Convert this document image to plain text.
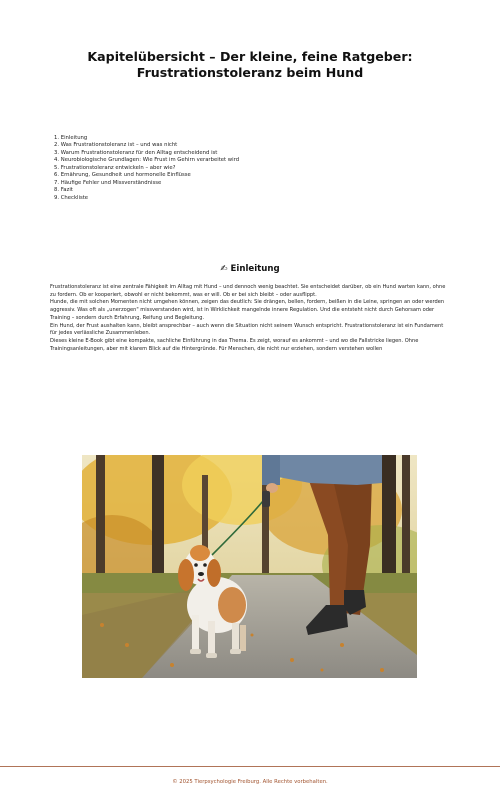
Kapitelübersicht – Der kleine, feine Ratgeber: Frustrationstoleranz beim Hund
1. Einleitung
2. Was Frustrationstoleranz ist – und was nicht
3. Warum Frustrationstoleranz für den Alltag entscheidend ist
4. Neurobiologische Grundlagen: Wie Frust im Gehirn verarbeitet wird
5. Frustrationstoleranz entwickeln – aber wie?
6. Ernährung, Gesundheit und hormonelle Einflüsse
7. Häufige Fehler und Missverständnisse
8. Fazit
9. Checkliste
✍ Einleitung

Frustrationstoleranz ist eine zentrale Fähigkeit im Alltag mit Hund – und dennoch wenig beachtet. Sie entscheidet darüber, ob ein Hund warten kann, ohne zu fordern. Ob er kooperiert, obwohl er nicht bekommt, was er will. Ob er bei sich bleibt – oder ausflippt.

Hunde, die mit solchen Momenten nicht umgehen können, zeigen das deutlich: Sie drängen, bellen, fordern, beißen in die Leine, springen an oder werden aggressiv. Was oft als „unerzogen" missverstanden wird, ist in Wirklichkeit mangelnde innere Regulation. Und die entsteht nicht durch Gehorsam oder Training – sondern durch Erfahrung, Reifung und Begleitung.

Ein Hund, der Frust aushalten kann, bleibt ansprechbar – auch wenn die Situation nicht seinem Wunsch entspricht. Frustrationstoleranz ist ein Fundament für jedes verlässliche Zusammenleben.

Dieses kleine E-Book gibt eine kompakte, sachliche Einführung in das Thema. Es zeigt, worauf es ankommt – und wo die Fallstricke liegen. Ohne Trainingsanleitungen, aber mit klarem Blick auf die Hintergründe. Für Menschen, die nicht nur erziehen, sondern verstehen wollen

© 2025 Tierpsychologie Freiburg. Alle Rechte vorbehalten.
